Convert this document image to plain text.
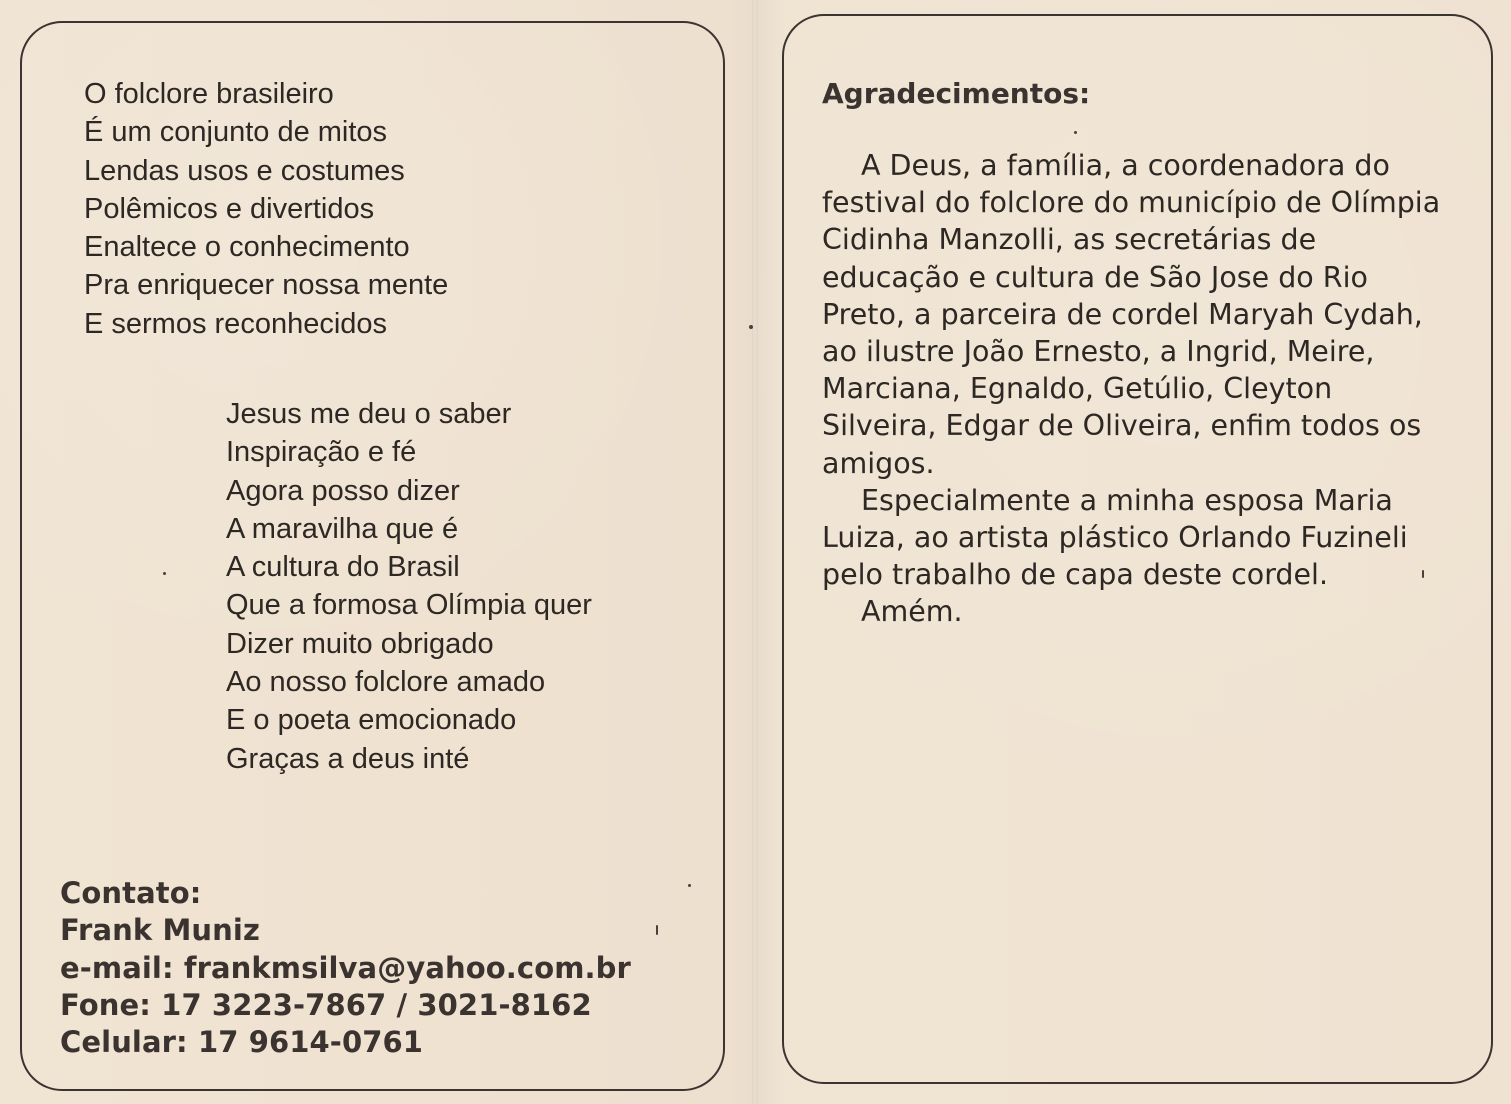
O folclore brasileiro
É um conjunto de mitos
Lendas usos e costumes
Polêmicos e divertidos
Enaltece o conhecimento
Pra enriquecer nossa mente
E sermos reconhecidos
Jesus me deu o saber
Inspiração e fé
Agora posso dizer
A maravilha que é
A cultura do Brasil
Que a formosa Olímpia quer
Dizer muito obrigado
Ao nosso folclore amado
E o poeta emocionado
Graças a deus inté
Contato:
Frank Muniz
e-mail: frankmsilva@yahoo.com.br
Fone: 17 3223-7867 / 3021-8162
Celular: 17 9614-0761
Agradecimentos:
A Deus, a família, a coordenadora do
festival do folclore do município de Olímpia
Cidinha Manzolli, as secretárias de
educação e cultura de São Jose do Rio
Preto, a parceira de cordel Maryah Cydah,
ao ilustre João Ernesto, a Ingrid, Meire,
Marciana, Egnaldo, Getúlio, Cleyton
Silveira, Edgar de Oliveira, enfim todos os
amigos.
Especialmente a minha esposa Maria
Luiza, ao artista plástico Orlando Fuzineli
pelo trabalho de capa deste cordel.
Amém.
